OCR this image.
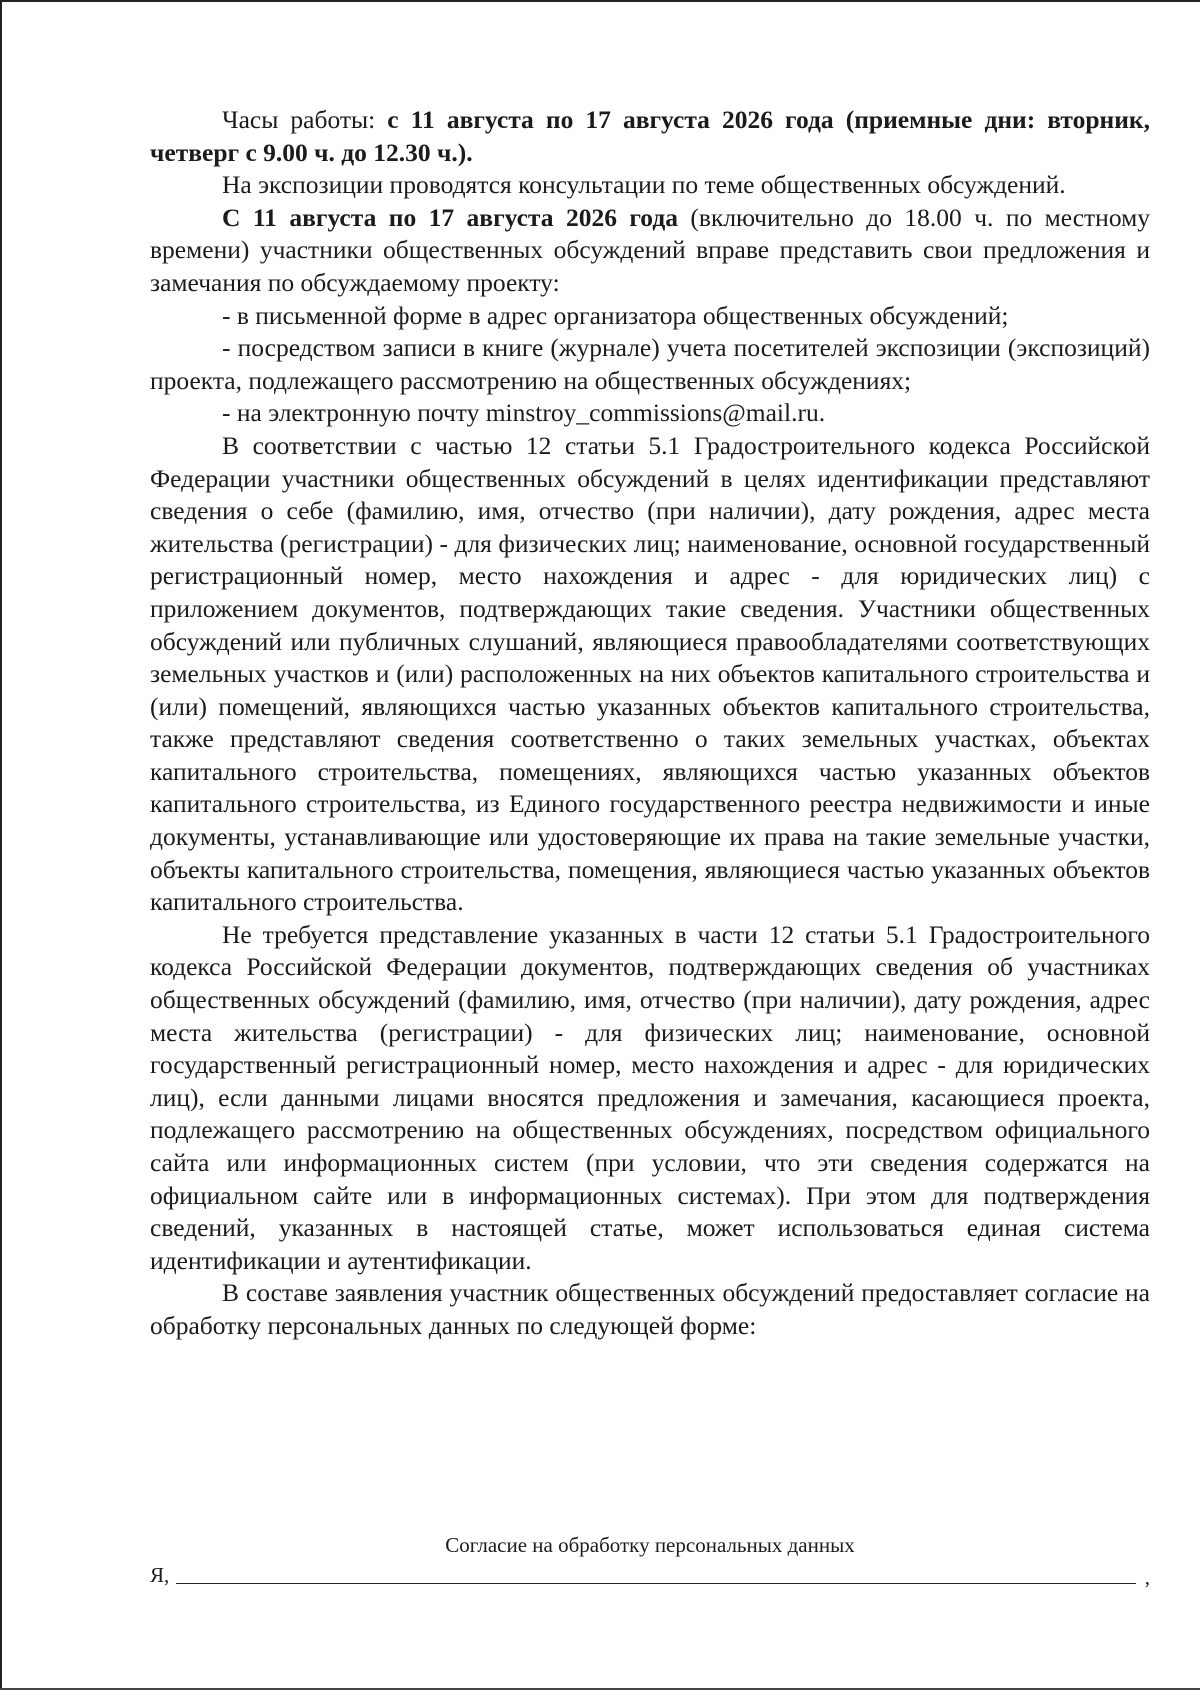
Часы работы: с 11 августа по 17 августа 2026 года (приемные дни: вторник, четверг с 9.00 ч. до 12.30 ч.).

На экспозиции проводятся консультации по теме общественных обсуждений.

С 11 августа по 17 августа 2026 года (включительно до 18.00 ч. по местному времени) участники общественных обсуждений вправе представить свои предложения и замечания по обсуждаемому проекту:

- в письменной форме в адрес организатора общественных обсуждений;

- посредством записи в книге (журнале) учета посетителей экспозиции (экспозиций) проекта, подлежащего рассмотрению на общественных обсуждениях;

- на электронную почту minstroy_commissions@mail.ru.

В соответствии с частью 12 статьи 5.1 Градостроительного кодекса Российской Федерации участники общественных обсуждений в целях идентификации представляют сведения о себе (фамилию, имя, отчество (при наличии), дату рождения, адрес места жительства (регистрации) - для физических лиц; наименование, основной государственный регистрационный номер, место нахождения и адрес - для юридических лиц) с приложением документов, подтверждающих такие сведения. Участники общественных обсуждений или публичных слушаний, являющиеся правообладателями соответствующих земельных участков и (или) расположенных на них объектов капитального строительства и (или) помещений, являющихся частью указанных объектов капитального строительства, также представляют сведения соответственно о таких земельных участках, объектах капитального строительства, помещениях, являющихся частью указанных объектов капитального строительства, из Единого государственного реестра недвижимости и иные документы, устанавливающие или удостоверяющие их права на такие земельные участки, объекты капитального строительства, помещения, являющиеся частью указанных объектов капитального строительства.

Не требуется представление указанных в части 12 статьи 5.1 Градостроительного кодекса Российской Федерации документов, подтверждающих сведения об участниках общественных обсуждений (фамилию, имя, отчество (при наличии), дату рождения, адрес места жительства (регистрации) - для физических лиц; наименование, основной государственный регистрационный номер, место нахождения и адрес - для юридических лиц), если данными лицами вносятся предложения и замечания, касающиеся проекта, подлежащего рассмотрению на общественных обсуждениях, посредством официального сайта или информационных систем (при условии, что эти сведения содержатся на официальном сайте или в информационных системах). При этом для подтверждения сведений, указанных в настоящей статье, может использоваться единая система идентификации и аутентификации.

В составе заявления участник общественных обсуждений предоставляет согласие на обработку персональных данных по следующей форме:

Согласие на обработку персональных данных
Я,	,
